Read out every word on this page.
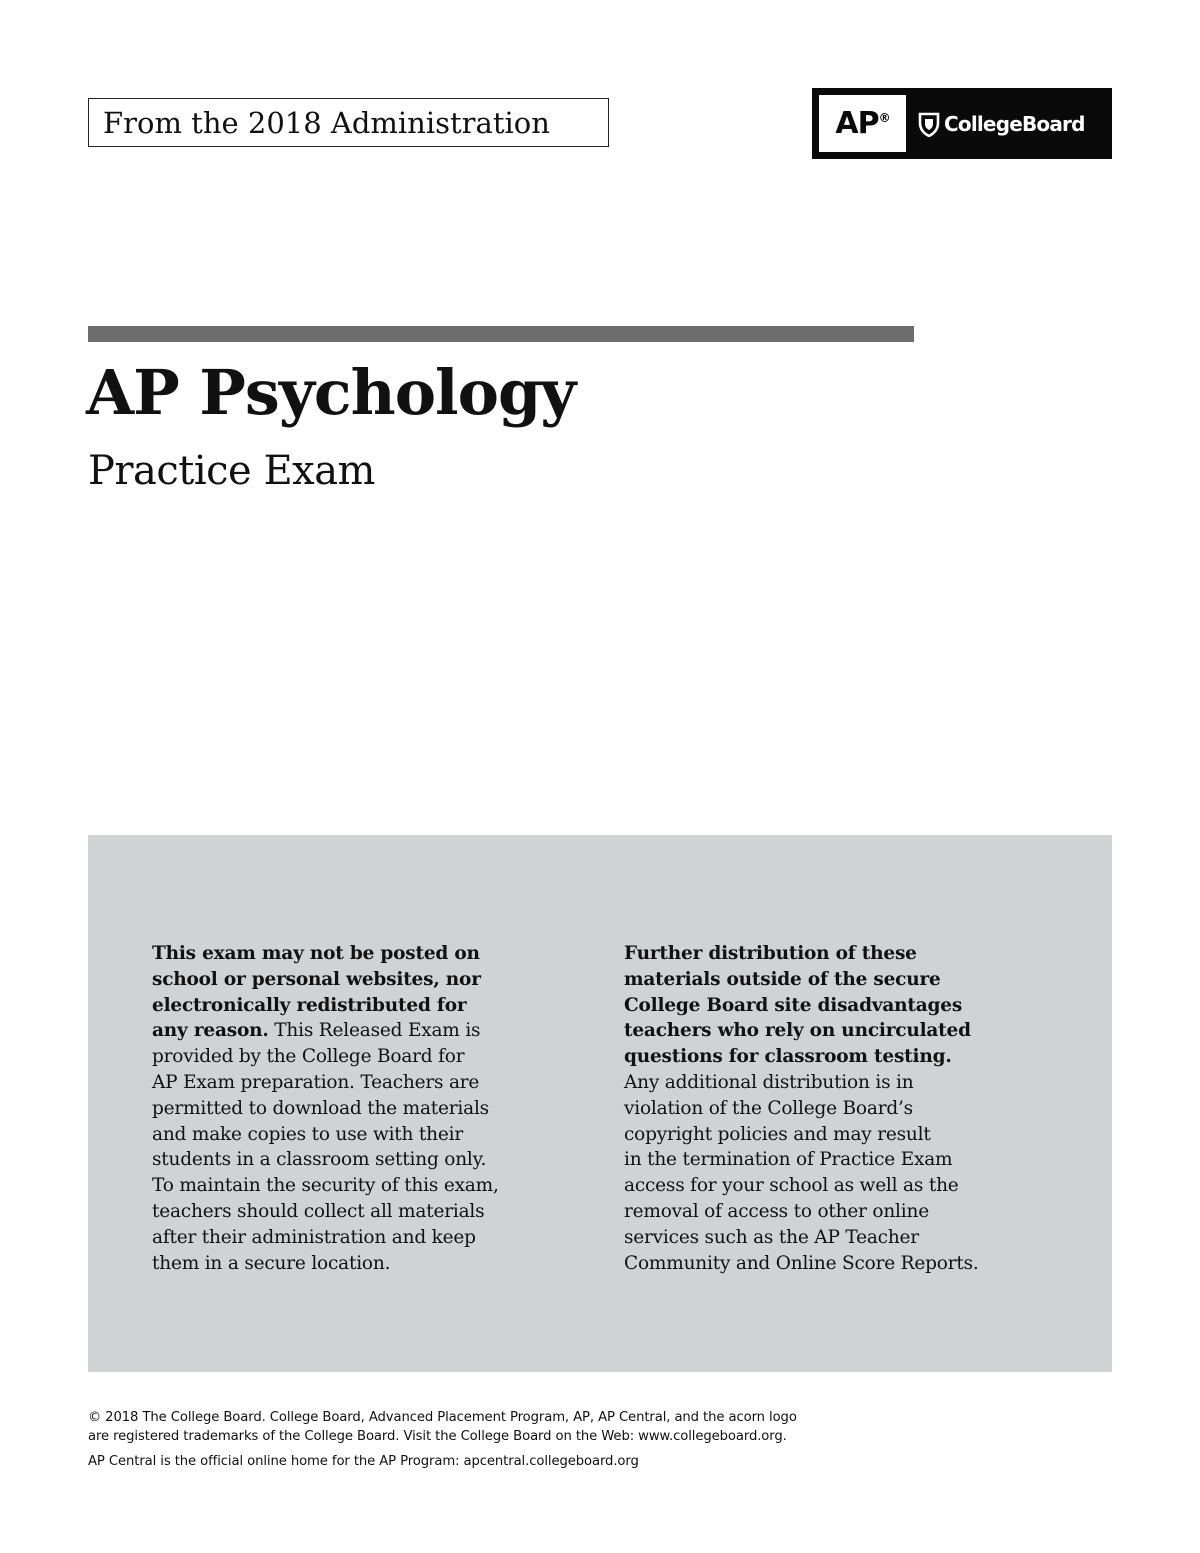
From the 2018 Administration	AP®	CollegeBoard
AP Psychology
Practice Exam
This exam may not be posted on
school or personal websites, nor
electronically redistributed for
any reason. This Released Exam is
provided by the College Board for
AP Exam preparation. Teachers are
permitted to download the materials
and make copies to use with their
students in a classroom setting only.
To maintain the security of this exam,
teachers should collect all materials
after their administration and keep
them in a secure location.
Further distribution of these
materials outside of the secure
College Board site disadvantages
teachers who rely on uncirculated
questions for classroom testing.
Any additional distribution is in
violation of the College Board’s
copyright policies and may result
in the termination of Practice Exam
access for your school as well as the
removal of access to other online
services such as the AP Teacher
Community and Online Score Reports.

© 2018 The College Board. College Board, Advanced Placement Program, AP, AP Central, and the acorn logo

are registered trademarks of the College Board. Visit the College Board on the Web: www.collegeboard.org.

AP Central is the official online home for the AP Program: apcentral.collegeboard.org
